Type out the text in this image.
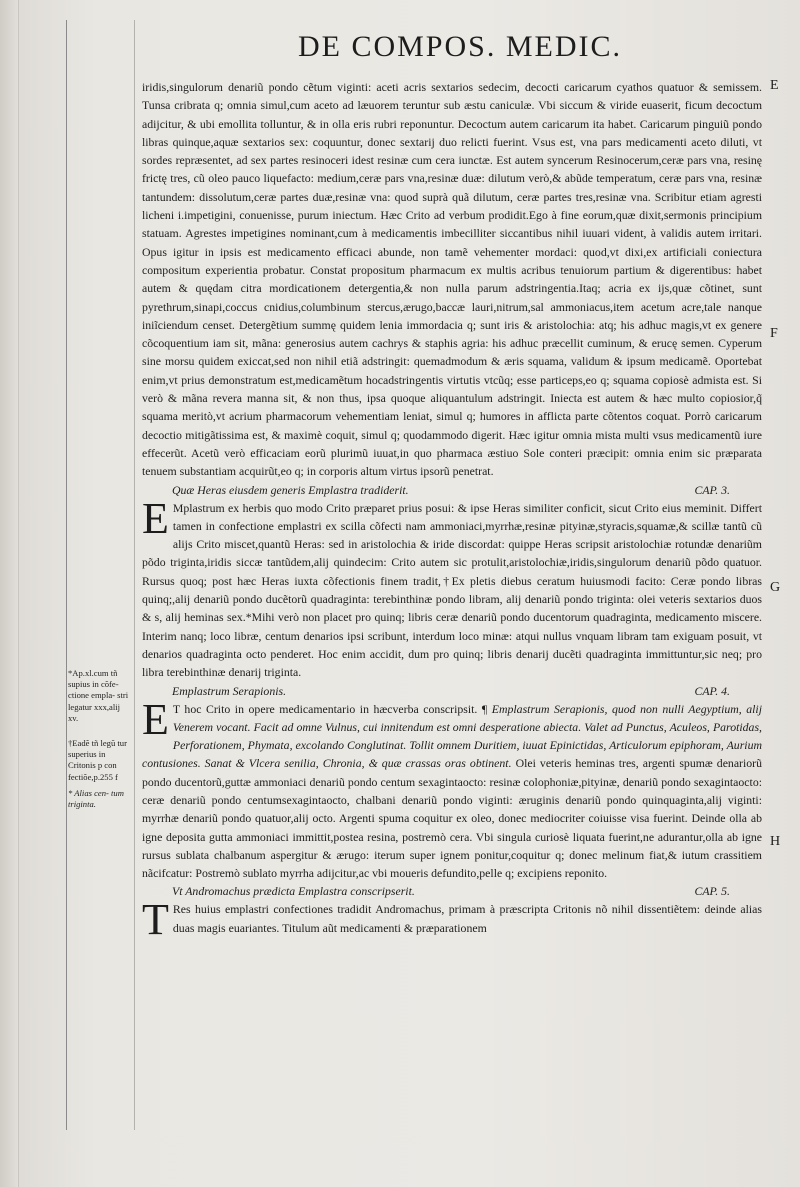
DE COMPOS. MEDIC.
E
F
G
H
*Ap.xl.cum tñ supius in cõfe- ctione empla- stri legatur xxx,alij xv.
†Eadẽ tñ legũ tur superius in Critonis p con fectiõe,p.255 f
* Alias cen- tum triginta.

iridis,singulorum denariũ pondo cẽtum viginti: aceti acris sextarios sedecim, decocti caricarum cyathos quatuor & semissem. Tunsa cribrata q; omnia simul,cum aceto ad læuorem teruntur sub æstu caniculæ. Vbi siccum & viride euaserit, ficum decoctum adijcitur, & ubi emollita tolluntur, & in olla eris rubri reponuntur. Decoctum autem caricarum ita habet. Caricarum pinguiũ pondo libras quinque,aquæ sextarios sex: coquuntur, donec sextarij duo relicti fuerint. Vsus est, vna pars medicamenti aceto diluti, vt sordes repræsentet, ad sex partes resinoceri idest resinæ cum cera iunctæ. Est autem syncerum Resinocerum,ceræ pars vna, resinę frictę tres, cũ oleo pauco liquefacto: medium,ceræ pars vna,resinæ duæ: dilutum verò,& abũde temperatum, ceræ pars vna, resinæ tantundem: dissolutum,ceræ partes duæ,resinæ vna: quod suprà quã dilutum, ceræ partes tres,resinæ vna. Scribitur etiam agresti licheni i.impetigini, conuenisse, purum iniectum. Hæc Crito ad verbum prodidit.Ego à fine eorum,quæ dixit,sermonis principium statuam. Agrestes impetigines nominant,cum à medicamentis imbecilliter siccantibus nihil iuuari vident, à validis autem irritari. Opus igitur in ipsis est medicamento efficaci abunde, non tamẽ vehementer mordaci: quod,vt dixi,ex artificiali coniectura compositum experientia probatur. Constat propositum pharmacum ex multis acribus tenuiorum partium & digerentibus: habet autem & quędam citra mordicationem detergentia,& non nulla parum adstringentia.Itaq; acria ex ijs,quæ cõtinet, sunt pyrethrum,sinapi,coccus cnidius,columbinum stercus,ærugo,baccæ lauri,nitrum,sal ammoniacus,item acetum acre,tale nanque iniĩciendum censet. Detergẽtium summę quidem lenia immordacia q; sunt iris & aristolochia: atq; his adhuc magis,vt ex genere cõcoquentium iam sit, mãna: generosius autem cachrys & staphis agria: his adhuc præcellit cuminum, & erucę semen. Cyperum sine morsu quidem exiccat,sed non nihil etiã adstringit: quemadmodum & æris squama, validum & ipsum medicamẽ. Oportebat enim,vt prius demonstratum est,medicamẽtum hocadstringentis virtutis vtcũq; esse particeps,eo q; squama copiosè admista est. Si verò & mãna revera manna sit, & non thus, ipsa quoque aliquantulum adstringit. Iniecta est autem & hæc multo copiosior,q̃ squama meritò,vt acrium pharmacorum vehementiam leniat, simul q; humores in afflicta parte cõtentos coquat. Porrò caricarum decoctio mitigãtissima est, & maximè coquit, simul q; quodammodo digerit. Hæc igitur omnia mista multi vsus medicamentũ iure effecerũt. Acetũ verò efficaciam eorũ plurimũ iuuat,in quo pharmaca æstiuo Sole conteri præcipit: omnia enim sic præparata tenuem substantiam acquirũt,eo q; in corporis altum virtus ipsorũ penetrat.

Quæ Heras eiusdem generis Emplastra tradiderit.	CAP. 3.

E Mplastrum ex herbis quo modo Crito præparet prius posui: & ipse Heras similiter conficit, sicut Crito eius meminit. Differt tamen in confectione emplastri ex scilla cõfecti nam ammoniaci,myrrhæ,resinæ pityinæ,styracis,squamæ,& scillæ tantũ cũ alijs Crito miscet,quantũ Heras: sed in aristolochia & iride discordat: quippe Heras scripsit aristolochiæ rotundæ denariũm põdo triginta,iridis siccæ tantũdem,alij quindecim: Crito autem sic protulit,aristolochiæ,iridis,singulorum denariũ põdo quatuor. Rursus quoq; post hæc Heras iuxta cõfectionis finem tradit,†Ex pletis diebus ceratum huiusmodi facito: Ceræ pondo libras quinq;,alij denariũ pondo ducẽtorũ quadraginta: terebinthinæ pondo libram, alij denariũ pondo triginta: olei veteris sextarios duos & s, alij heminas sex.*Mihi verò non placet pro quinq; libris ceræ denariũ pondo ducentorum quadraginta, medicamento miscere. Interim nanq; loco libræ, centum denarios ipsi scribunt, interdum loco minæ: atqui nullus vnquam libram tam exiguam posuit, vt denarios quadraginta octo penderet. Hoc enim accidit, dum pro quinq; libris denarij ducẽti quadraginta immittuntur,sic neq; pro libra terebinthinæ denarij triginta.

Emplastrum Serapionis.	CAP. 4.

E T hoc Crito in opere medicamentario in hæcverba conscripsit. ¶ Emplastrum Serapionis, quod non nulli Aegyptium, alij Venerem vocant. Facit ad omne Vulnus, cui innitendum est omni desperatione abiecta. Valet ad Punctus, Aculeos, Parotidas, Perforationem, Phymata, excolando Conglutinat. Tollit omnem Duritiem, iuuat Epinictidas, Articulorum epiphoram, Aurium contusiones. Sanat & Vlcera senilia, Chronia, & quæ crassas oras obtinent. Olei veteris heminas tres, argenti spumæ denariorũ pondo ducentorũ,guttæ ammoniaci denariũ pondo centum sexagintaocto: resinæ colophoniæ,pityinæ, denariũ pondo sexagintaocto: ceræ denariũ pondo centumsexagintaocto, chalbani denariũ pondo viginti: æruginis denariũ pondo quinquaginta,alij viginti: myrrhæ denariũ pondo quatuor,alij octo. Argenti spuma coquitur ex oleo, donec mediocriter coiuisse visa fuerint. Deinde olla ab igne deposita gutta ammoniaci immittit,postea resina, postremò cera. Vbi singula curiosè liquata fuerint,ne adurantur,olla ab igne rursus sublata chalbanum aspergitur & ærugo: iterum super ignem ponitur,coquitur q; donec melinum fiat,& iutum crassitiem nãcifcatur: Postremò sublato myrrha adijcitur,ac vbi moueris defundito,pelle q; excipiens reponito.

Vt Andromachus prædicta Emplastra conscripserit.	CAP. 5.

T Res huius emplastri confectiones tradidit Andromachus, primam à præscripta Critonis nõ nihil dissentiẽtem: deinde alias duas magis euariantes. Titulum aũt medicamenti & præparationem
